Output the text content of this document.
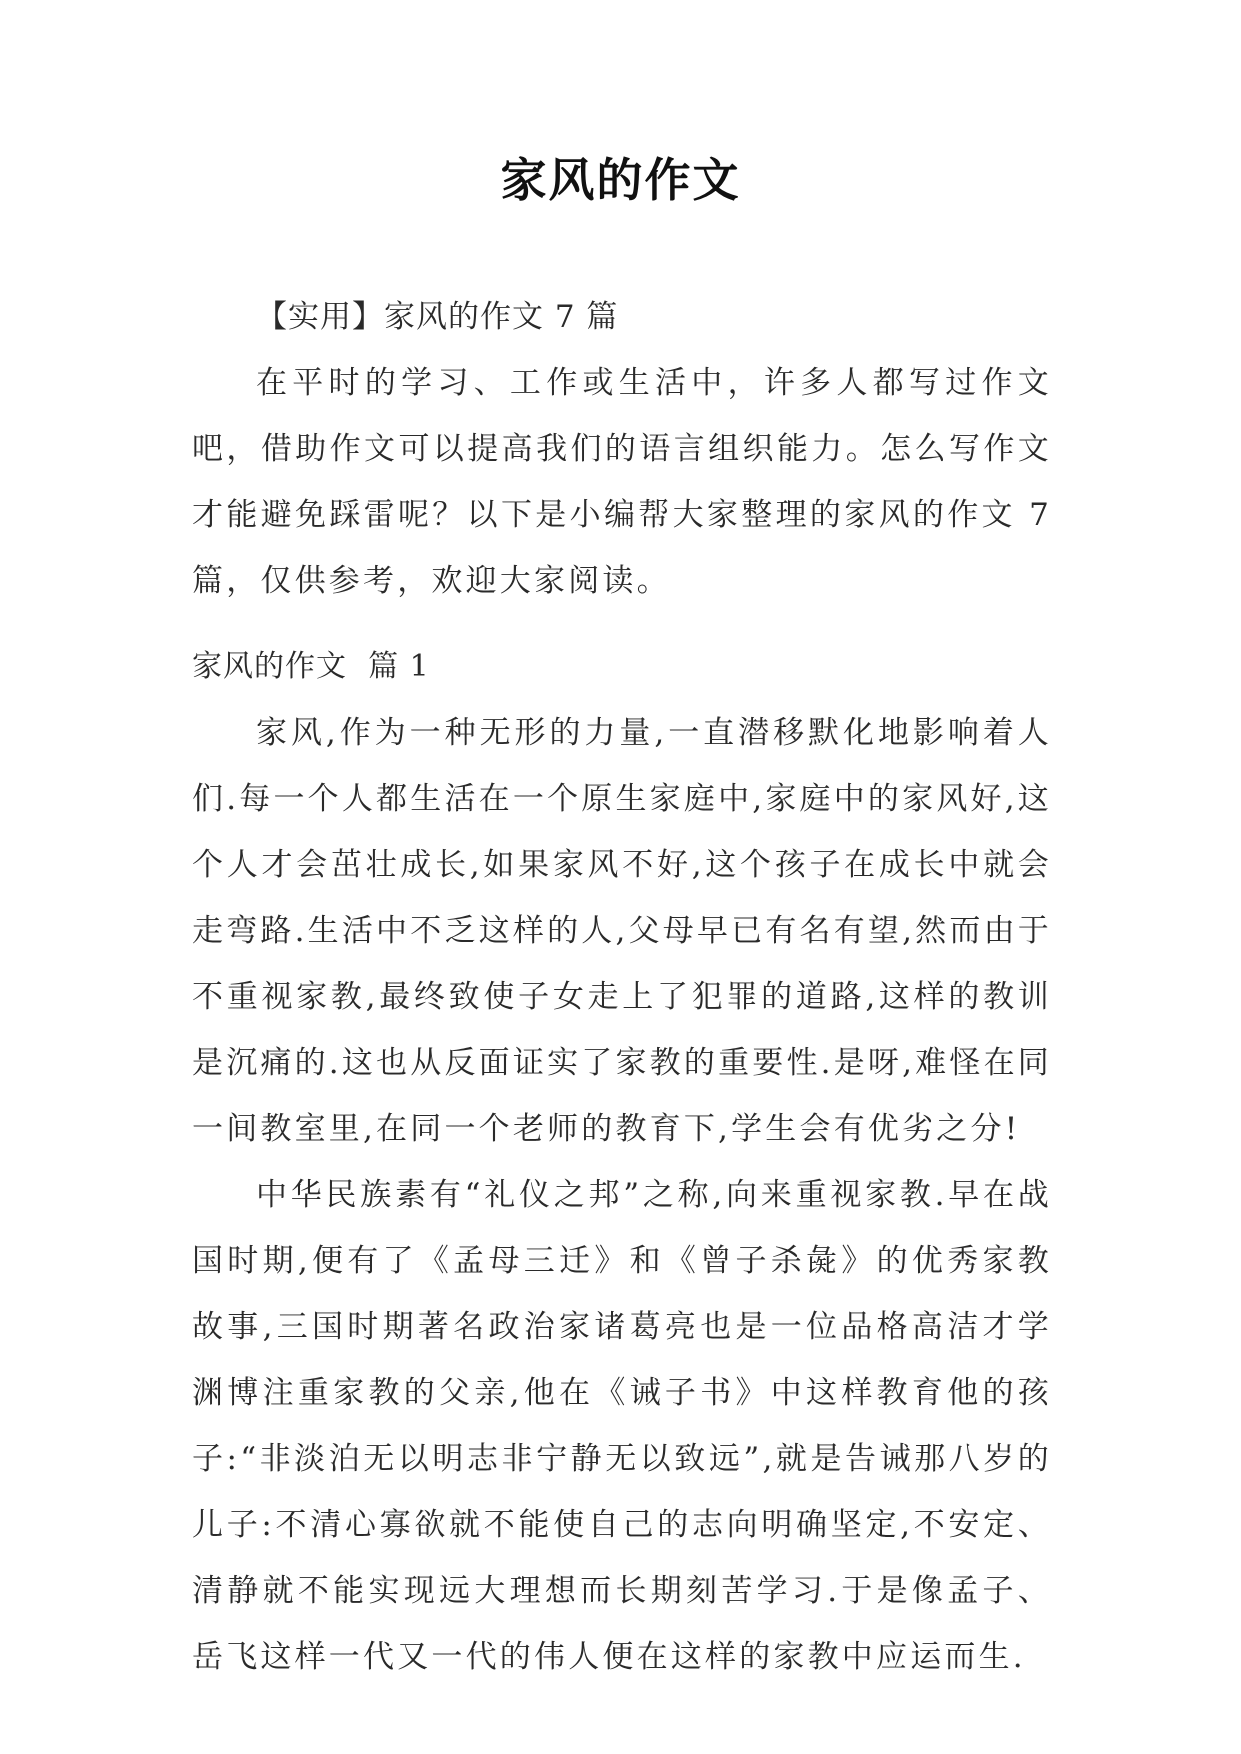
家风的作文
【实用】家风的作文 7 篇

在平时的学习、工作或生活中，许多人都写过作文吧，借助作文可以提高我们的语言组织能力。怎么写作文才能避免踩雷呢？以下是小编帮大家整理的家风的作文 7 篇，仅供参考，欢迎大家阅读。

家风的作文  篇 1

家风,作为一种无形的力量,一直潜移默化地影响着人们.每一个人都生活在一个原生家庭中,家庭中的家风好,这个人才会茁壮成长,如果家风不好,这个孩子在成长中就会走弯路.生活中不乏这样的人,父母早已有名有望,然而由于不重视家教,最终致使子女走上了犯罪的道路,这样的教训是沉痛的.这也从反面证实了家教的重要性.是呀,难怪在同一间教室里,在同一个老师的教育下,学生会有优劣之分!

中华民族素有“礼仪之邦”之称,向来重视家教.早在战国时期,便有了《孟母三迁》和《曾子杀彘》的优秀家教故事,三国时期著名政治家诸葛亮也是一位品格高洁才学渊博注重家教的父亲,他在《诫子书》中这样教育他的孩子:“非淡泊无以明志非宁静无以致远”,就是告诫那八岁的儿子:不清心寡欲就不能使自己的志向明确坚定,不安定、清静就不能实现远大理想而长期刻苦学习.于是像孟子、岳飞这样一代又一代的伟人便在这样的家教中应运而生.
